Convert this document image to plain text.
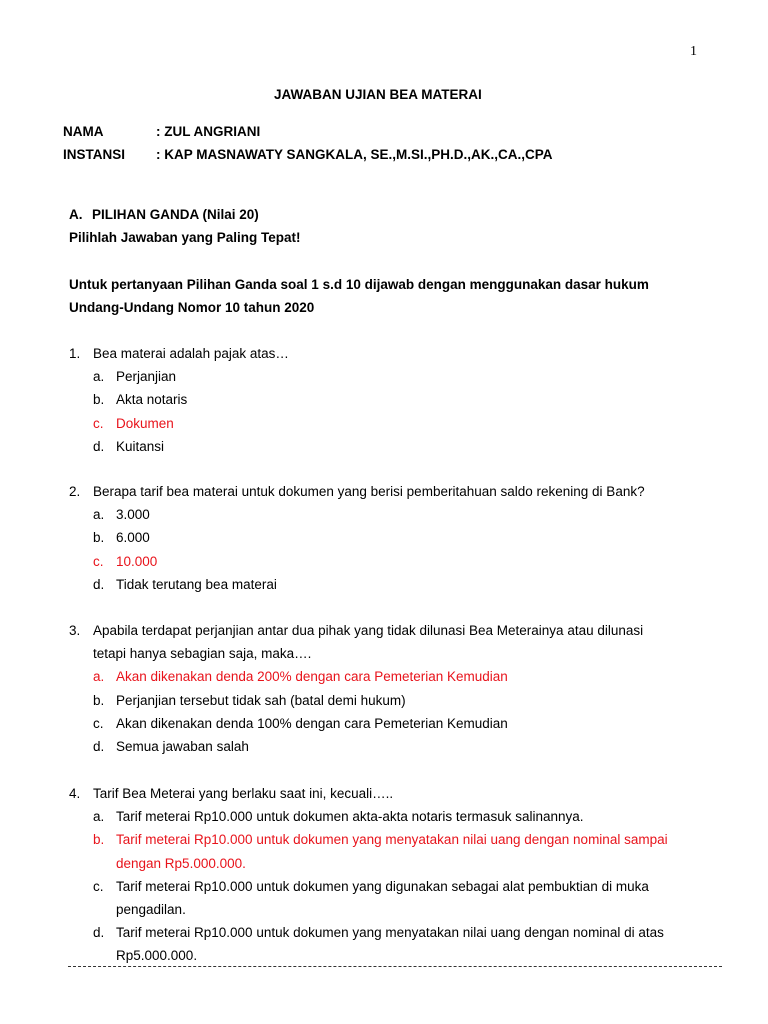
1
JAWABAN UJIAN BEA MATERAI
NAMA	: ZUL ANGRIANI
INSTANSI : KAP MASNAWATY SANGKALA, SE.,M.SI.,PH.D.,AK.,CA.,CPA
A. PILIHAN GANDA (Nilai 20)
Pilihlah Jawaban yang Paling Tepat!
Untuk pertanyaan Pilihan Ganda soal 1 s.d 10 dijawab dengan menggunakan dasar hukum
Undang-Undang Nomor 10 tahun 2020
1. Bea materai adalah pajak atas…
a. Perjanjian
b. Akta notaris
c. Dokumen
d. Kuitansi
2. Berapa tarif bea materai untuk dokumen yang berisi pemberitahuan saldo rekening di Bank?
a. 3.000
b. 6.000
c. 10.000
d. Tidak terutang bea materai
3. Apabila terdapat perjanjian antar dua pihak yang tidak dilunasi Bea Meterainya atau dilunasi
tetapi hanya sebagian saja, maka….
a. Akan dikenakan denda 200% dengan cara Pemeterian Kemudian
b. Perjanjian tersebut tidak sah (batal demi hukum)
c. Akan dikenakan denda 100% dengan cara Pemeterian Kemudian
d. Semua jawaban salah
4. Tarif Bea Meterai yang berlaku saat ini, kecuali…..
a. Tarif meterai Rp10.000 untuk dokumen akta-akta notaris termasuk salinannya.
b. Tarif meterai Rp10.000 untuk dokumen yang menyatakan nilai uang dengan nominal sampai
dengan Rp5.000.000.
c. Tarif meterai Rp10.000 untuk dokumen yang digunakan sebagai alat pembuktian di muka
pengadilan.
d. Tarif meterai Rp10.000 untuk dokumen yang menyatakan nilai uang dengan nominal di atas
Rp5.000.000.
